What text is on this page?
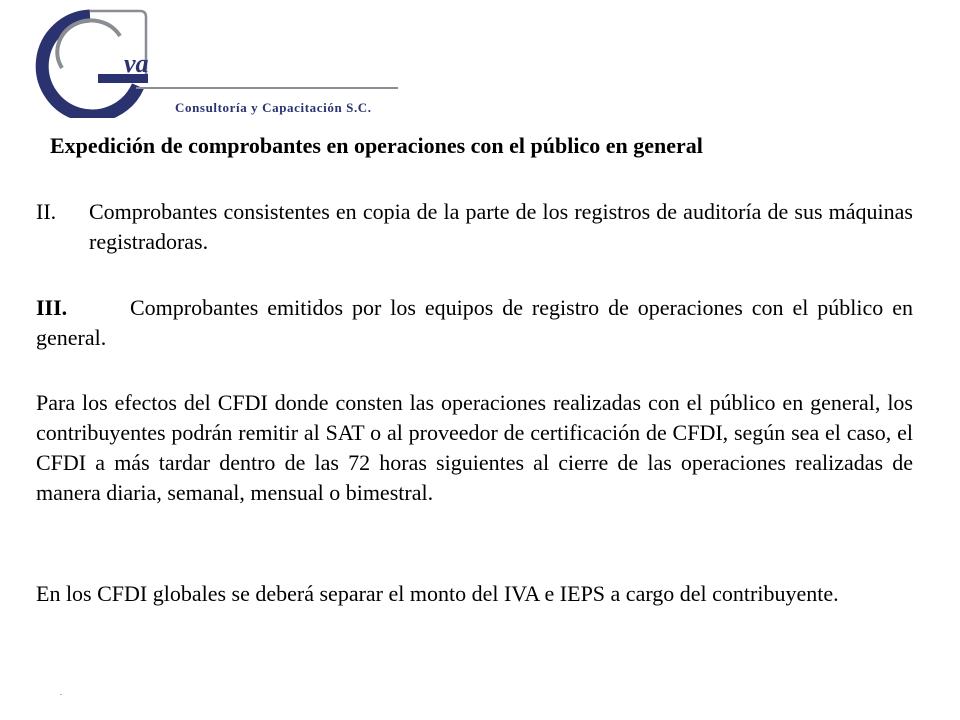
va
Consultoría y Capacitación S.C.
Expedición de comprobantes en operaciones con el público en general
II. Comprobantes consistentes en copia de la parte de los registros de auditoría de sus máquinas registradoras.
III.	Comprobantes emitidos por los equipos de registro de operaciones con el público en general.
Para los efectos del CFDI donde consten las operaciones realizadas con el público en general, los contribuyentes podrán remitir al SAT o al proveedor de certificación de CFDI, según sea el caso, el CFDI a más tardar dentro de las 72 horas siguientes al cierre de las operaciones realizadas de manera diaria, semanal, mensual o bimestral.
En los CFDI globales se deberá separar el monto del IVA e IEPS a cargo del contribuyente.
.
